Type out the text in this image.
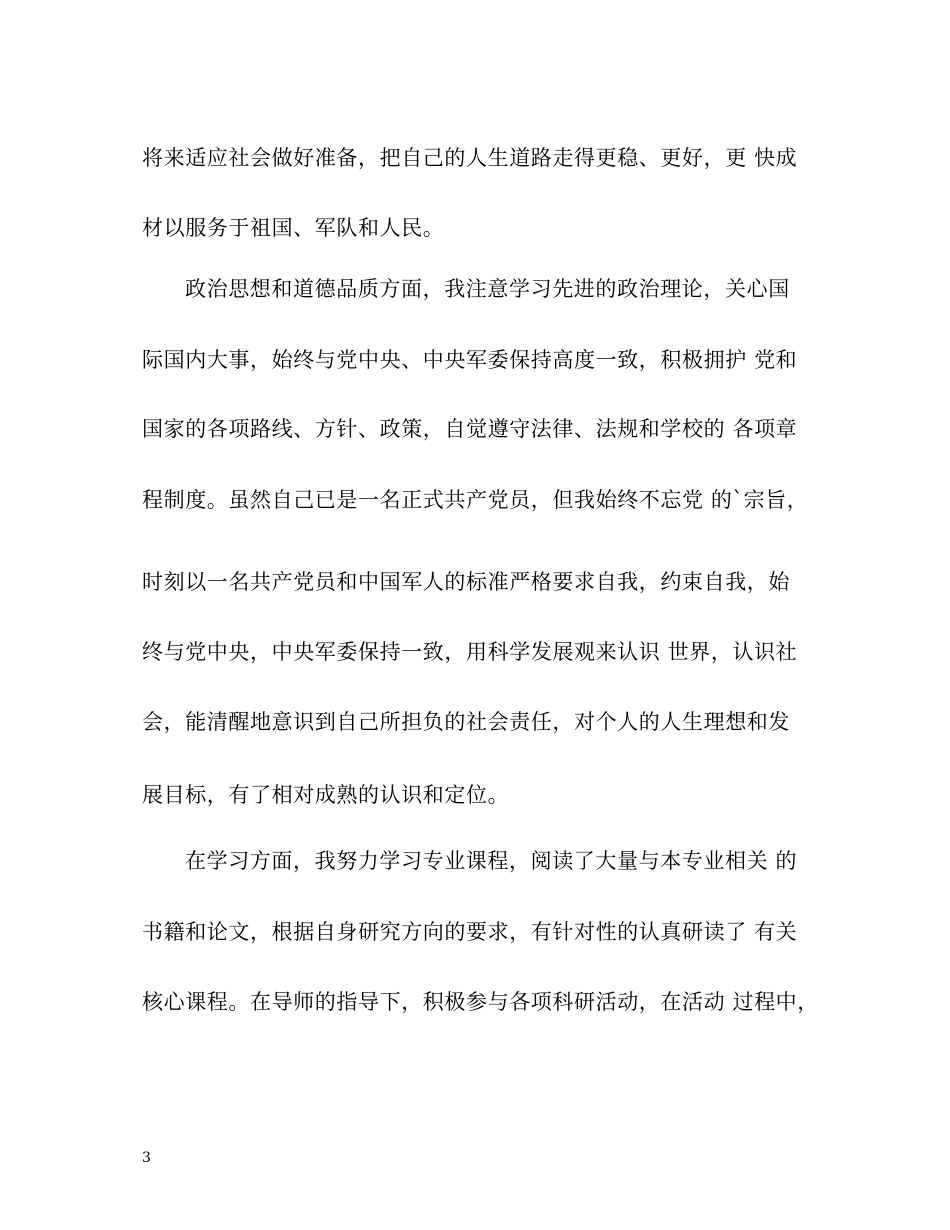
将来适应社会做好准备，把自己的人生道路走得更稳、更好，更 快成
材以服务于祖国、军队和人民。
政治思想和道德品质方面，我注意学习先进的政治理论，关心国
际国内大事，始终与党中央、中央军委保持高度一致，积极拥护 党和
国家的各项路线、方针、政策，自觉遵守法律、法规和学校的 各项章
程制度。虽然自己已是一名正式共产党员，但我始终不忘党 的`宗旨，
时刻以一名共产党员和中国军人的标准严格要求自我，约束自我，始
终与党中央，中央军委保持一致，用科学发展观来认识 世界，认识社
会，能清醒地意识到自己所担负的社会责任，对个人的人生理想和发
展目标，有了相对成熟的认识和定位。
在学习方面，我努力学习专业课程，阅读了大量与本专业相关 的
书籍和论文，根据自身研究方向的要求，有针对性的认真研读了 有关
核心课程。在导师的指导下，积极参与各项科研活动，在活动 过程中，
3
